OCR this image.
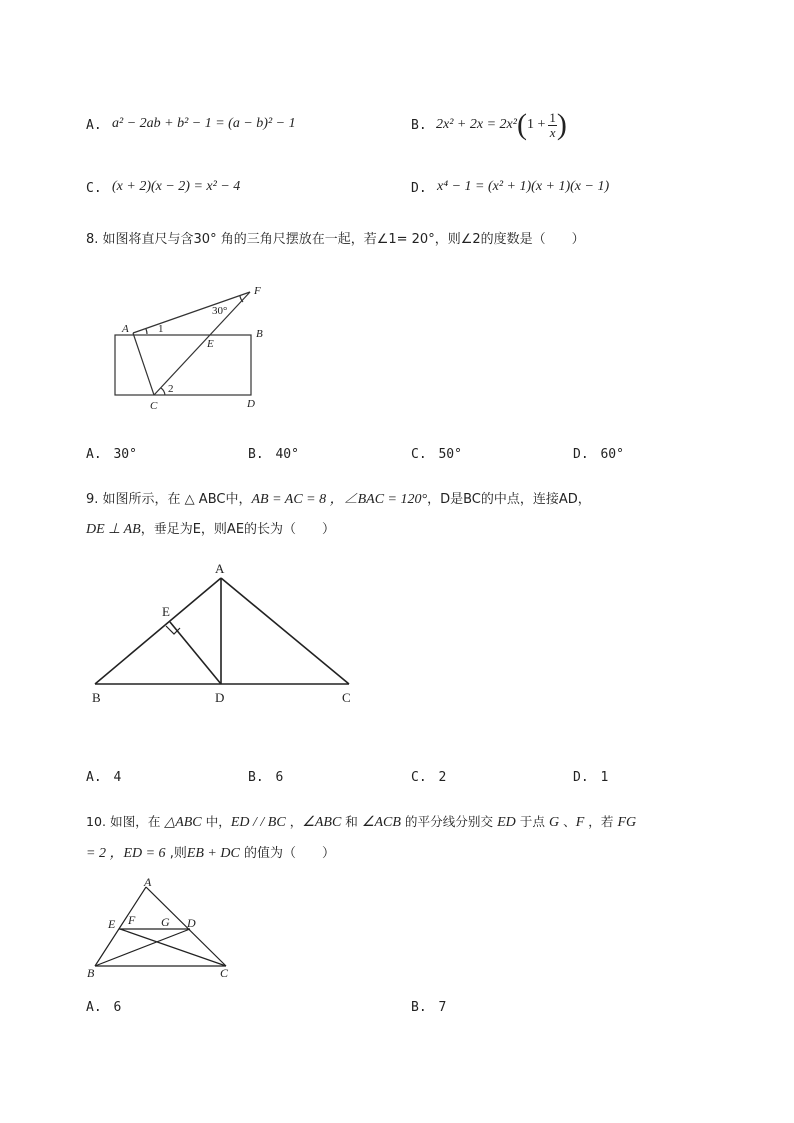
A. a² − 2ab + b² − 1 = (a − b)² − 1	B. 2x² + 2x = 2x² ( $1 + \frac{1}{x}$ )
C. (x + 2)(x − 2) = x² − 4	D. x⁴ − 1 = (x² + 1)(x + 1)(x − 1)
8. 如图将直尺与含30° 角的三角尺摆放在一起，若∠1= 20°，则∠2的度数是（　　）
A	B
C	D
E
F
1
2
30°
A. 30°	B. 40°	C. 50°	D. 60°
9. 如图所示，在 △ ABC中，AB = AC = 8 ，∠BAC = 120°，D是BC的中点，连接AD，
DE ⊥ AB，垂足为E，则AE的长为（　　）
A
B	C
D
E
A. 4	B. 6	C. 2	D. 1
10. 如图，在 △ABC 中，ED / / BC ，∠ABC 和 ∠ACB 的平分线分别交 ED 于点 G 、F ，若 FG
= 2 ，ED = 6 ,则EB + DC 的值为（　　）
A
B	C
D
E F G
A. 6	B. 7
